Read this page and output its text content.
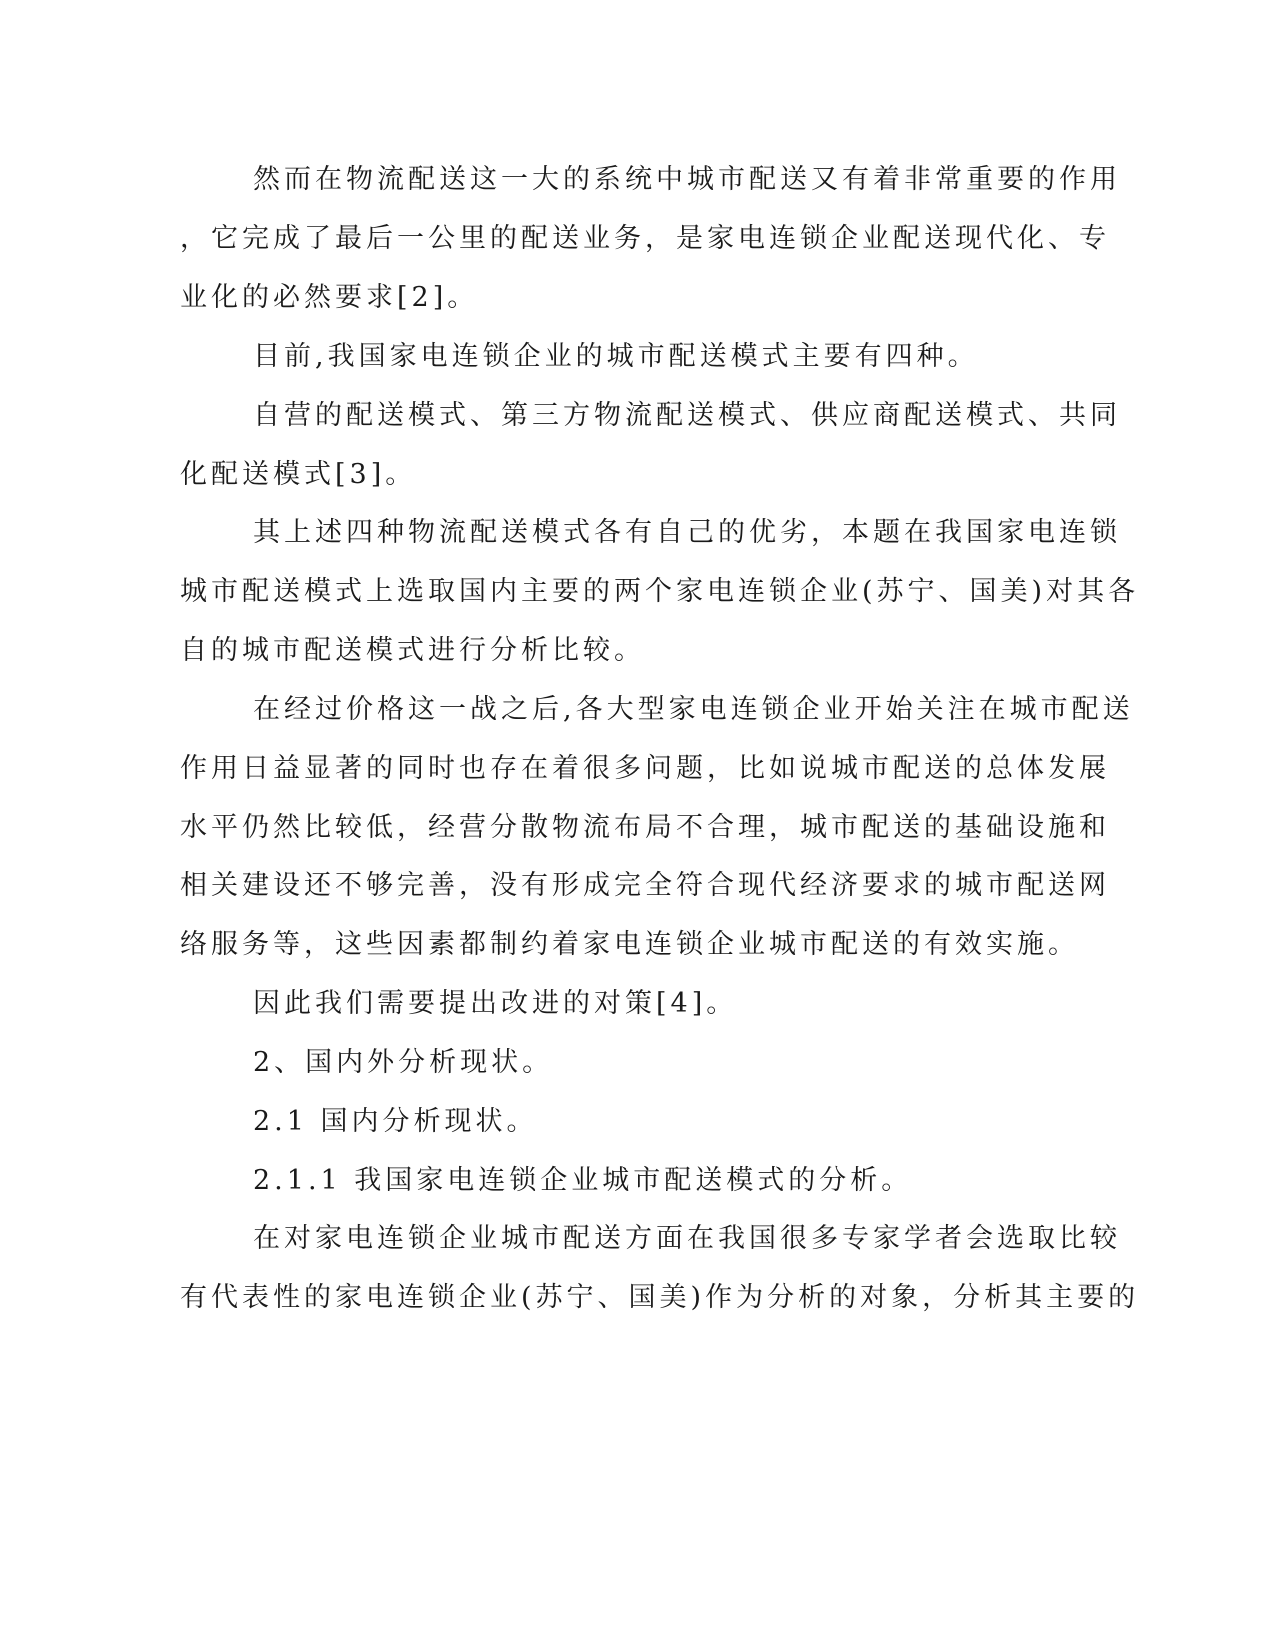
然而在物流配送这一大的系统中城市配送又有着非常重要的作用
，它完成了最后一公里的配送业务，是家电连锁企业配送现代化、专
业化的必然要求[2]。
目前,我国家电连锁企业的城市配送模式主要有四种。
自营的配送模式、第三方物流配送模式、供应商配送模式、共同
化配送模式[3]。
其上述四种物流配送模式各有自己的优劣，本题在我国家电连锁
城市配送模式上选取国内主要的两个家电连锁企业(苏宁、国美)对其各
自的城市配送模式进行分析比较。
在经过价格这一战之后,各大型家电连锁企业开始关注在城市配送
作用日益显著的同时也存在着很多问题，比如说城市配送的总体发展
水平仍然比较低，经营分散物流布局不合理，城市配送的基础设施和
相关建设还不够完善，没有形成完全符合现代经济要求的城市配送网
络服务等，这些因素都制约着家电连锁企业城市配送的有效实施。
因此我们需要提出改进的对策[4]。
2、国内外分析现状。
2.1 国内分析现状。
2.1.1 我国家电连锁企业城市配送模式的分析。
在对家电连锁企业城市配送方面在我国很多专家学者会选取比较
有代表性的家电连锁企业(苏宁、国美)作为分析的对象，分析其主要的
